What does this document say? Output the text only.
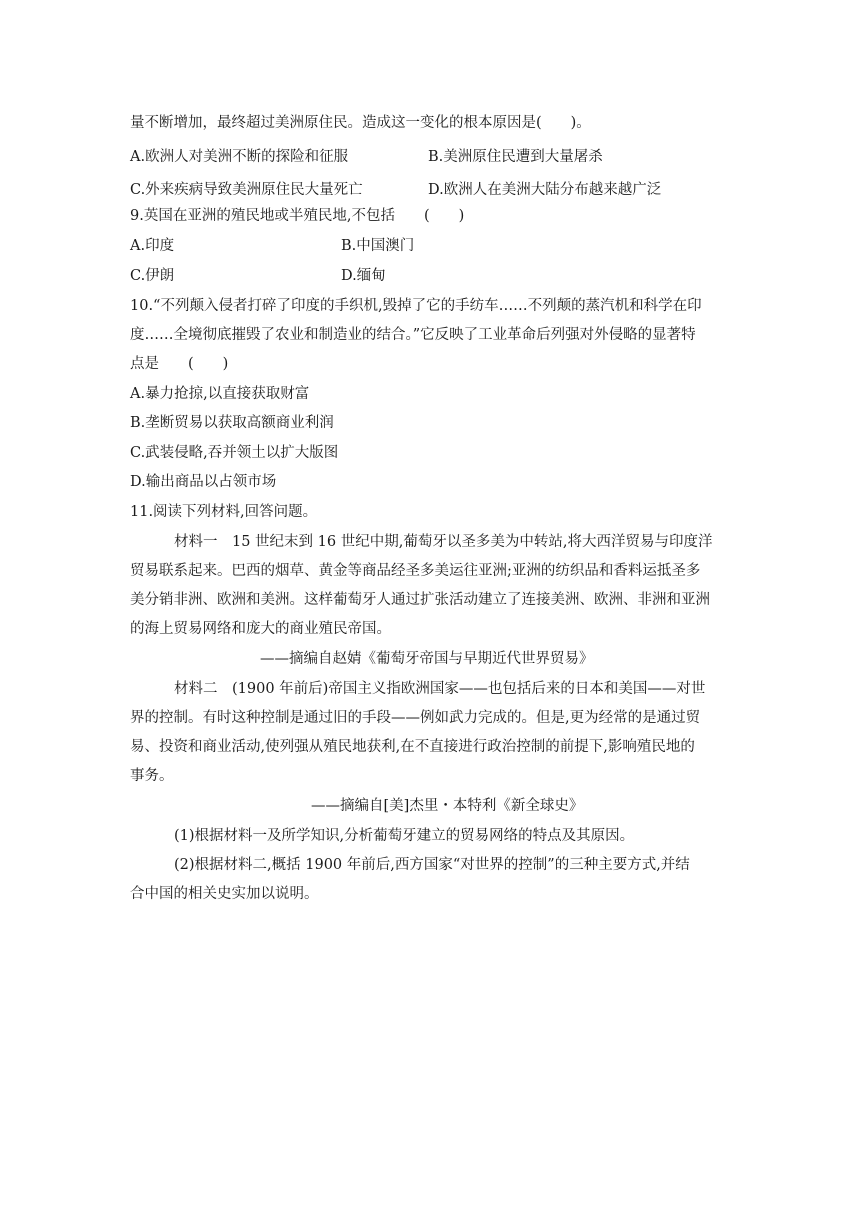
量不断增加，最终超过美洲原住民。造成这一变化的根本原因是(　　)。
A.欧洲人对美洲不断的探险和征服	B.美洲原住民遭到大量屠杀
C.外来疾病导致美洲原住民大量死亡	D.欧洲人在美洲大陆分布越来越广泛
9.英国在亚洲的殖民地或半殖民地,不包括　　(　　)
A.印度	B.中国澳门
C.伊朗	D.缅甸
10.“不列颠入侵者打碎了印度的手织机,毁掉了它的手纺车……不列颠的蒸汽机和科学在印
度……全境彻底摧毁了农业和制造业的结合。”它反映了工业革命后列强对外侵略的显著特
点是　　(　　)
A.暴力抢掠,以直接获取财富
B.垄断贸易以获取高额商业利润
C.武装侵略,吞并领土以扩大版图
D.输出商品以占领市场
11.阅读下列材料,回答问题。
材料一　15 世纪末到 16 世纪中期,葡萄牙以圣多美为中转站,将大西洋贸易与印度洋
贸易联系起来。巴西的烟草、黄金等商品经圣多美运往亚洲;亚洲的纺织品和香料运抵圣多
美分销非洲、欧洲和美洲。这样葡萄牙人通过扩张活动建立了连接美洲、欧洲、非洲和亚洲
的海上贸易网络和庞大的商业殖民帝国。
——摘编自赵婧《葡萄牙帝国与早期近代世界贸易》
材料二　(1900 年前后)帝国主义指欧洲国家——也包括后来的日本和美国——对世
界的控制。有时这种控制是通过旧的手段——例如武力完成的。但是,更为经常的是通过贸
易、投资和商业活动,使列强从殖民地获利,在不直接进行政治控制的前提下,影响殖民地的
事务。
——摘编自[美]杰里・本特利《新全球史》
(1)根据材料一及所学知识,分析葡萄牙建立的贸易网络的特点及其原因。
(2)根据材料二,概括 1900 年前后,西方国家“对世界的控制”的三种主要方式,并结
合中国的相关史实加以说明。
